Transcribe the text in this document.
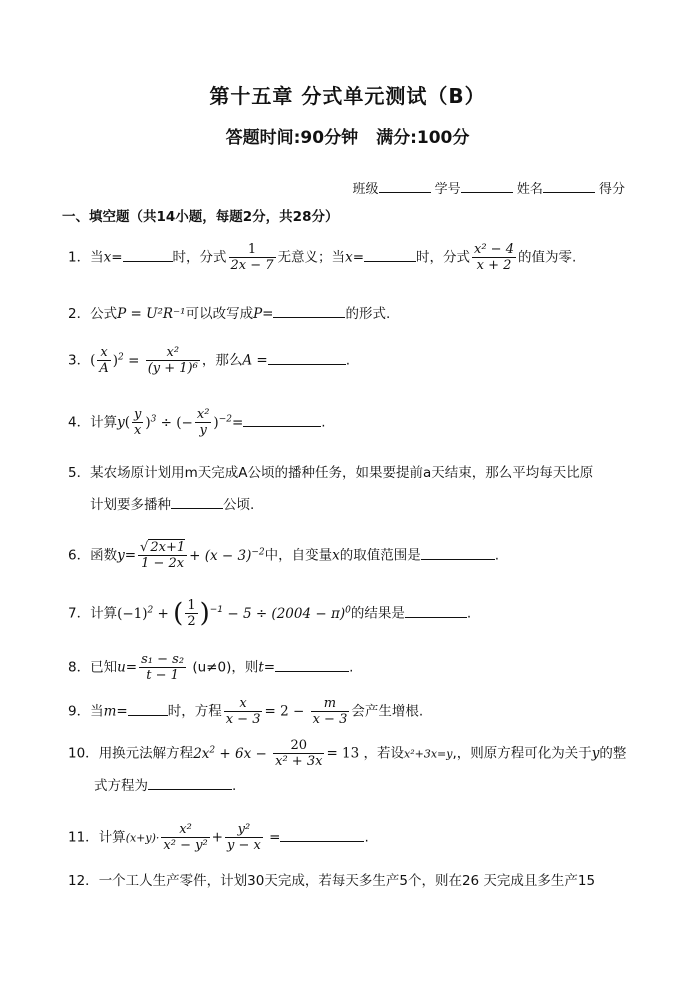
第十五章 分式单元测试（B）
答题时间:90分钟 满分:100分
班级	学号	姓名	得分
一、填空题（共14小题，每题2分，共28分）
1．当x=	时，分式 $\frac{1}{2x - 7}$ 无意义；当x=	时，分式 $\frac{\text{x² − 4}}{x + 2}$ 的值为零.
2．公式P = U²R⁻¹可以改写成P=	的形式.
3．( $\frac{x}{A} )^2 = \frac{\text{x²}}{\text{(y + 1)⁶}}$ ，那么A =	.
4．计算$y( \frac{y}{x} )^3$ ÷ (− $\frac{\text{x²}}{y} )^{-2}=$	.
5．某农场原计划用m天完成A公顷的播种任务，如果要提前a天结束，那么平均每天比原
计划要多播种	公顷.
6．函数$y= \frac{√ 2x+1}{1 - 2x} + (x - 3)^{-2}$中，自变量x的取值范围是	.
7．计算$(-1)^2$ + ( $\frac{1}{2} )^{-1} - 5 \div (2004 - \pi)^0$的结果是	.
8．已知$u= \frac{\text{s₁ − s₂}}{t - 1} (u\ne 0)$，则t=	.
9．当m=	时，方程 $\frac{x}{x - 3} = 2 - \frac{m}{x - 3}$ 会产生增根.
10．用换元法解方程$2x^2 + 6x - \frac{20}{\text{x² + 3x}} = 13$ ，若设x²+3x=y,，则原方程可化为关于y的整
式方程为	.
11．计算$(x+y)\cdot \frac{\text{x²}}{\text{x² − y²}} + \frac{\text{y²}}{y - x}$ =	.
12．一个工人生产零件，计划30天完成，若每天多生产5个，则在26 天完成且多生产15
